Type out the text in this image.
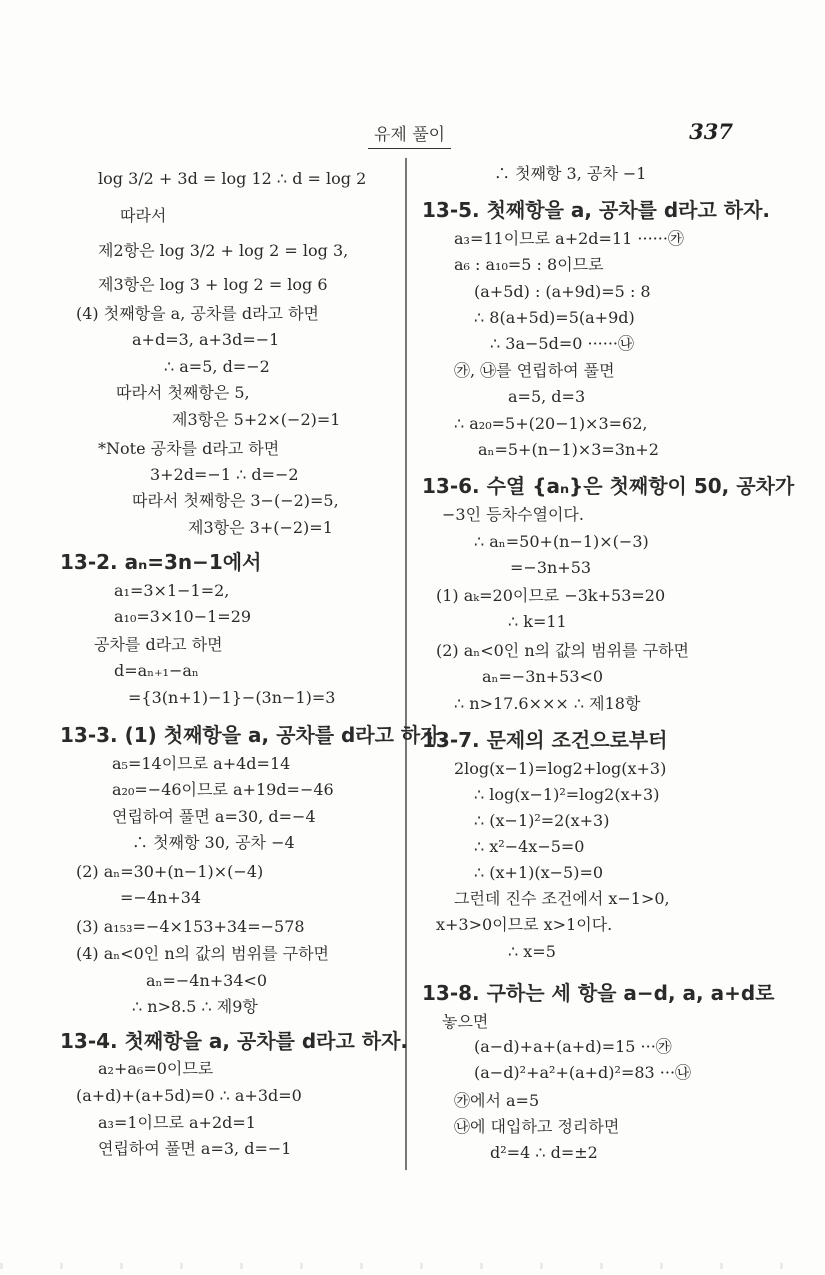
유제 풀이	337
log 3/2 + 3d = log 12 ∴ d = log 2
따라서
제2항은 log 3/2 + log 2 = log 3,
제3항은 log 3 + log 2 = log 6
(4) 첫째항을 a, 공차를 d라고 하면
a+d=3, a+3d=−1
∴ a=5, d=−2
따라서 첫째항은 5,
제3항은 5+2×(−2)=1
*Note 공차를 d라고 하면
3+2d=−1 ∴ d=−2
따라서 첫째항은 3−(−2)=5,
제3항은 3+(−2)=1
13-2. aₙ=3n−1에서
a₁=3×1−1=2,
a₁₀=3×10−1=29
공차를 d라고 하면
d=aₙ₊₁−aₙ
={3(n+1)−1}−(3n−1)=3
13-3. (1) 첫째항을 a, 공차를 d라고 하자.
a₅=14이므로 a+4d=14
a₂₀=−46이므로 a+19d=−46
연립하여 풀면 a=30, d=−4
∴ 첫째항 30, 공차 −4
(2) aₙ=30+(n−1)×(−4)
=−4n+34
(3) a₁₅₃=−4×153+34=−578
(4) aₙ<0인 n의 값의 범위를 구하면
aₙ=−4n+34<0
∴ n>8.5 ∴ 제9항
13-4. 첫째항을 a, 공차를 d라고 하자.
a₂+a₆=0이므로
(a+d)+(a+5d)=0 ∴ a+3d=0
a₃=1이므로 a+2d=1
연립하여 풀면 a=3, d=−1
∴ 첫째항 3, 공차 −1
13-5. 첫째항을 a, 공차를 d라고 하자.
a₃=11이므로 a+2d=11 ······㉮
a₆ : a₁₀=5 : 8이므로
(a+5d) : (a+9d)=5 : 8
∴ 8(a+5d)=5(a+9d)
∴ 3a−5d=0 ······㉯
㉮, ㉯를 연립하여 풀면
a=5, d=3
∴ a₂₀=5+(20−1)×3=62,
aₙ=5+(n−1)×3=3n+2
13-6. 수열 {aₙ}은 첫째항이 50, 공차가
−3인 등차수열이다.
∴ aₙ=50+(n−1)×(−3)
=−3n+53
(1) aₖ=20이므로 −3k+53=20
∴ k=11
(2) aₙ<0인 n의 값의 범위를 구하면
aₙ=−3n+53<0
∴ n>17.6××× ∴ 제18항
13-7. 문제의 조건으로부터
2log(x−1)=log2+log(x+3)
∴ log(x−1)²=log2(x+3)
∴ (x−1)²=2(x+3)
∴ x²−4x−5=0
∴ (x+1)(x−5)=0
그런데 진수 조건에서 x−1>0,
x+3>0이므로 x>1이다.
∴ x=5
13-8. 구하는 세 항을 a−d, a, a+d로
놓으면
(a−d)+a+(a+d)=15 ···㉮
(a−d)²+a²+(a+d)²=83 ···㉯
㉮에서 a=5
㉯에 대입하고 정리하면
d²=4 ∴ d=±2
